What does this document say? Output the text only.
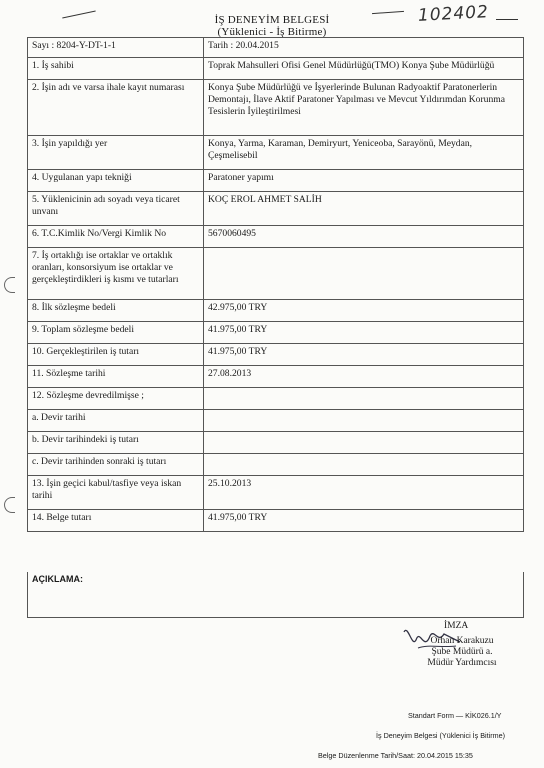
102402
İŞ DENEYİM BELGESİ
(Yüklenici - İş Bitirme)
Sayı : 8204-Y-DT-1-1	Tarih : 20.04.2015
1. İş sahibi	Toprak Mahsulleri Ofisi Genel Müdürlüğü(TMO) Konya Şube Müdürlüğü
2. İşin adı ve varsa ihale kayıt numarası	Konya Şube Müdürlüğü ve İşyerlerinde Bulunan Radyoaktif Paratonerlerin Demontajı, İlave Aktif Paratoner Yapılması ve Mevcut Yıldırımdan Korunma Tesislerin İyileştirilmesi
3. İşin yapıldığı yer	Konya, Yarma, Karaman, Demiryurt, Yeniceoba, Sarayönü, Meydan, Çeşmelisebil
4. Uygulanan yapı tekniği	Paratoner yapımı
5. Yüklenicinin adı soyadı veya ticaret unvanı	KOÇ EROL AHMET SALİH
6. T.C.Kimlik No/Vergi Kimlik No	5670060495
7. İş ortaklığı ise ortaklar ve ortaklık oranları, konsorsiyum ise ortaklar ve gerçekleştirdikleri iş kısmı ve tutarları	
8. İlk sözleşme bedeli	42.975,00 TRY
9. Toplam sözleşme bedeli	41.975,00 TRY
10. Gerçekleştirilen iş tutarı	41.975,00 TRY
11. Sözleşme tarihi	27.08.2013
12. Sözleşme devredilmişse ;	
a. Devir tarihi	
b. Devir tarihindeki iş tutarı	
c. Devir tarihinden sonraki iş tutarı	
13. İşin geçici kabul/tasfiye veya iskan tarihi	25.10.2013
14. Belge tutarı	41.975,00 TRY
AÇIKLAMA:
İMZA
Orhan Karakuzu
Şube Müdürü a.
Müdür Yardımcısı
Standart Form — KİK026.1/Y
İş Deneyim Belgesi (Yüklenici İş Bitirme)
Belge Düzenlenme Tarih/Saat: 20.04.2015 15:35
